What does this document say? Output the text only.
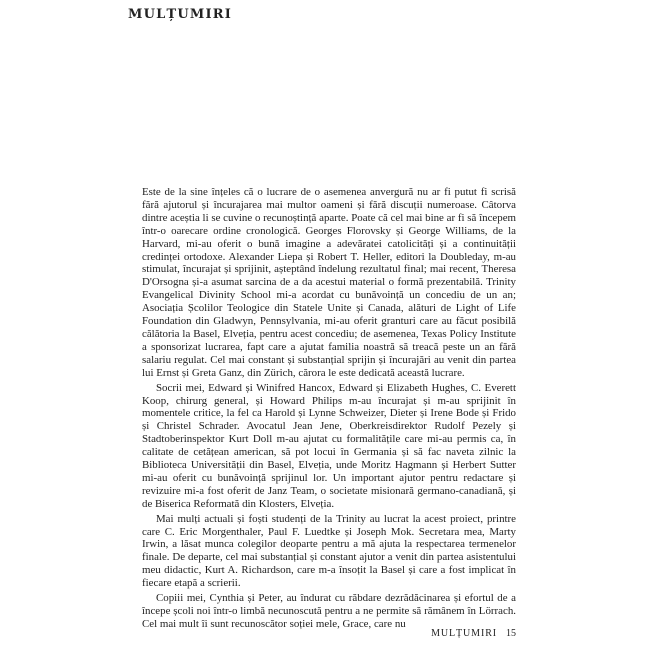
MULȚUMIRI

Este de la sine înțeles că o lucrare de o asemenea anvergură nu ar fi putut fi scrisă fără ajutorul și încurajarea mai multor oameni și fără discuții numeroase. Câtorva dintre aceștia li se cuvine o recunoștință aparte. Poate că cel mai bine ar fi să începem într-o oarecare ordine cronologică. Georges Florovsky și George Williams, de la Harvard, mi-au oferit o bună imagine a adevăratei catolicități și a continuității credinței ortodoxe. Alexander Liepa și Robert T. Heller, editori la Doubleday, m-au stimulat, încurajat și sprijinit, așteptând îndelung rezultatul final; mai recent, Theresa D'Orsogna și-a asumat sarcina de a da acestui material o formă prezentabilă. Trinity Evangelical Divinity School mi-a acordat cu bunăvoință un concediu de un an; Asociația Școlilor Teologice din Statele Unite și Canada, alături de Light of Life Foundation din Gladwyn, Pennsylvania, mi-au oferit granturi care au făcut posibilă călătoria la Basel, Elveția, pentru acest concediu; de asemenea, Texas Policy Institute a sponsorizat lucrarea, fapt care a ajutat familia noastră să treacă peste un an fără salariu regulat. Cel mai constant și substanțial sprijin și încurajări au venit din partea lui Ernst și Greta Ganz, din Zürich, cărora le este dedicată această lucrare.

Socrii mei, Edward și Winifred Hancox, Edward și Elizabeth Hughes, C. Everett Koop, chirurg general, și Howard Philips m-au încurajat și m-au sprijinit în momentele critice, la fel ca Harold și Lynne Schweizer, Dieter și Irene Bode și Frido și Christel Schrader. Avocatul Jean Jene, Oberkreisdirektor Rudolf Pezely și Stadtoberinspektor Kurt Doll m-au ajutat cu formalitățile care mi-au permis ca, în calitate de cetățean american, să pot locui în Germania și să fac naveta zilnic la Biblioteca Universității din Basel, Elveția, unde Moritz Hagmann și Herbert Sutter mi-au oferit cu bunăvoință sprijinul lor. Un important ajutor pentru redactare și revizuire mi-a fost oferit de Janz Team, o societate misionară germano-canadiană, și de Biserica Reformată din Klosters, Elveția.

Mai mulți actuali și foști studenți de la Trinity au lucrat la acest proiect, printre care C. Eric Morgenthaler, Paul F. Luedtke și Joseph Mok. Secretara mea, Marty Irwin, a lăsat munca colegilor deoparte pentru a mă ajuta la respectarea termenelor finale. De departe, cel mai substanțial și constant ajutor a venit din partea asistentului meu didactic, Kurt A. Richardson, care m-a însoțit la Basel și care a fost implicat în fiecare etapă a scrierii.

Copiii mei, Cynthia și Peter, au îndurat cu răbdare dezrădăcinarea și efortul de a începe școli noi într-o limbă necunoscută pentru a ne permite să rămânem în Lörrach. Cel mai mult îi sunt recunoscător soției mele, Grace, care nu

MULȚUMIRI 15
